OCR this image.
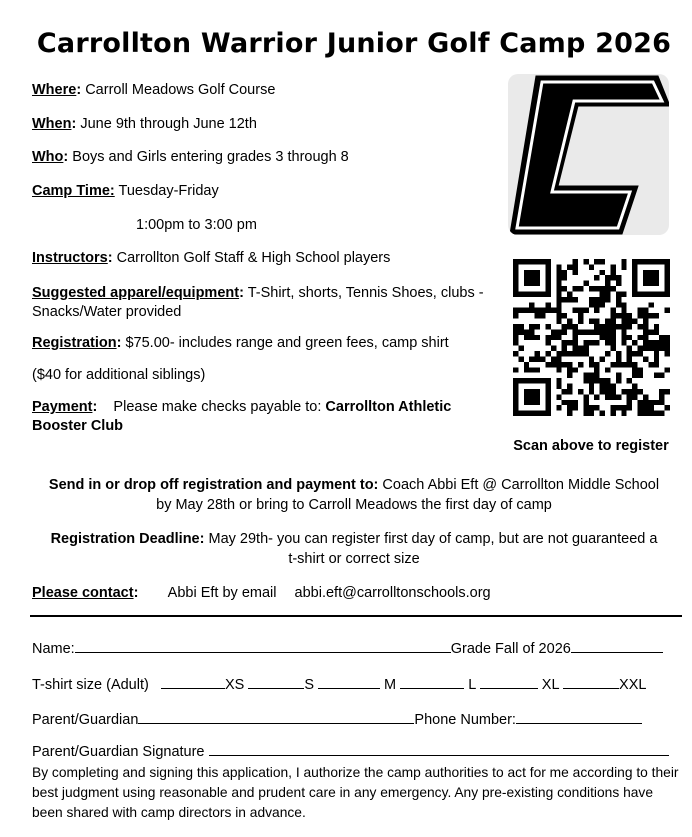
Carrollton Warrior Junior Golf Camp 2026
Where: Carroll Meadows Golf Course
When: June 9th through June 12th
Who: Boys and Girls entering grades 3 through 8
Camp Time: Tuesday-Friday
1:00pm to 3:00 pm
Instructors: Carrollton Golf Staff & High School players
Suggested apparel/equipment: T-Shirt, shorts, Tennis Shoes, clubs -
Snacks/Water provided
Registration: $75.00- includes range and green fees, camp shirt
($40 for additional siblings)
Payment: Please make checks payable to: Carrollton Athletic
Booster Club
Scan above to register
Send in or drop off registration and payment to: Coach Abbi Eft @ Carrollton Middle School
by May 28th or bring to Carroll Meadows the first day of camp
Registration Deadline: May 29th- you can register first day of camp, but are not guaranteed a
t-shirt or correct size
Please contact: Abbi Eft by email abbi.eft@carrolltonschools.org
Name:	Grade Fall of 2026
T-shirt size (Adult)	XS	S	M	L	XL	XXL
Parent/Guardian	Phone Number:
Parent/Guardian Signature
By completing and signing this application, I authorize the camp authorities to act for me according to their best judgment using reasonable and prudent care in any emergency. Any pre-existing conditions have been shared with camp directors in advance.
